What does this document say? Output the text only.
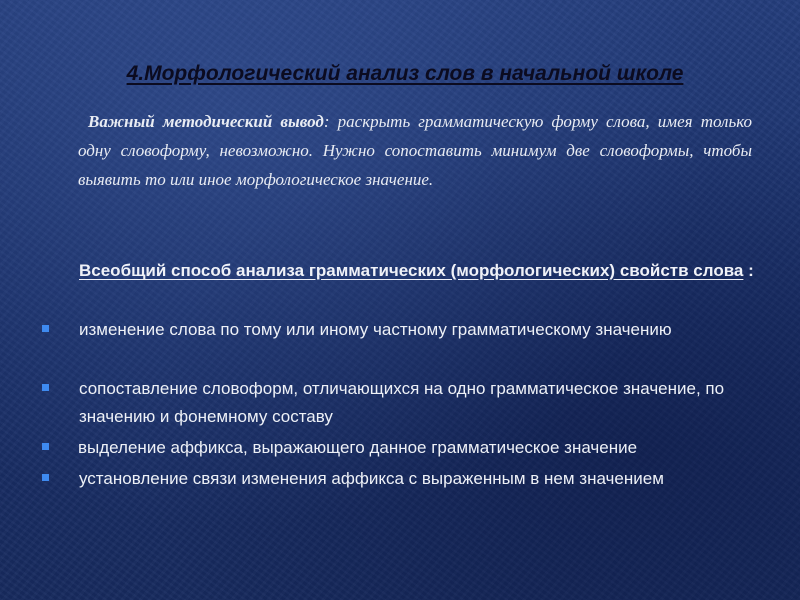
4.Морфологический анализ слов в начальной школе
Важный методический вывод: раскрыть грамматическую форму слова, имея только одну словоформу, невозможно. Нужно сопоставить минимум две словоформы, чтобы выявить то или иное морфологическое значение.
Всеобщий способ анализа грамматических (морфологических) свойств слова :
изменение слова по тому или иному частному грамматическому значению
сопоставление словоформ, отличающихся на одно грамматическое значение, по значению и фонемному составу
выделение аффикса, выражающего данное грамматическое значение
установление связи изменения аффикса с выраженным в нем значением
